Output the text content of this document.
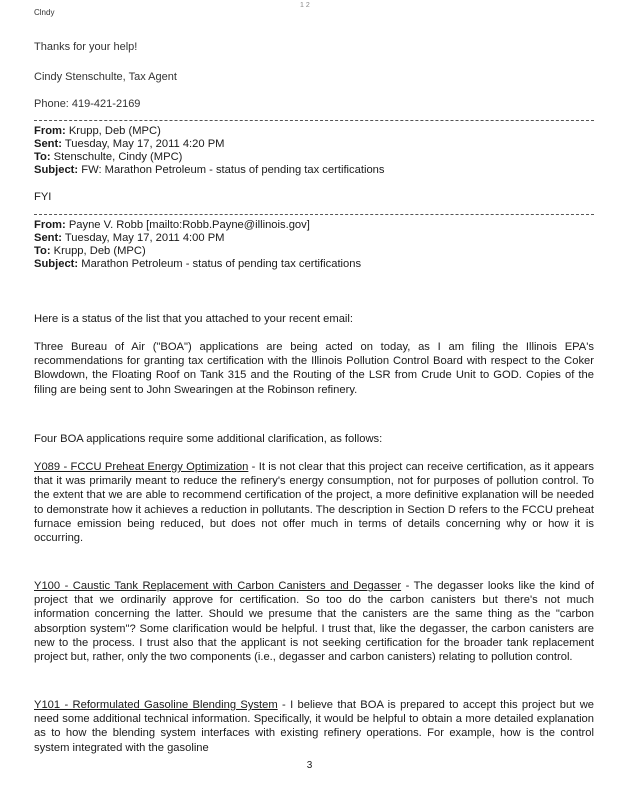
1 2
Clndy
Thanks for your help!
Cindy Stenschulte, Tax Agent
Phone: 419-421-2169
From: Krupp, Deb (MPC)
Sent: Tuesday, May 17, 2011 4:20 PM
To: Stenschulte, Cindy (MPC)
Subject: FW: Marathon Petroleum - status of pending tax certifications
FYI
From: Payne V. Robb [mailto:Robb.Payne@illinois.gov]
Sent: Tuesday, May 17, 2011 4:00 PM
To: Krupp, Deb (MPC)
Subject: Marathon Petroleum - status of pending tax certifications
Here is a status of the list that you attached to your recent email:
Three Bureau of Air ("BOA") applications are being acted on today, as I am filing the Illinois EPA's recommendations for granting tax certification with the Illinois Pollution Control Board with respect to the Coker Blowdown, the Floating Roof on Tank 315 and the Routing of the LSR from Crude Unit to GOD. Copies of the filing are being sent to John Swearingen at the Robinson refinery.
Four BOA applications require some additional clarification, as follows:
Y089 - FCCU Preheat Energy Optimization - It is not clear that this project can receive certification, as it appears that it was primarily meant to reduce the refinery's energy consumption, not for purposes of pollution control. To the extent that we are able to recommend certification of the project, a more definitive explanation will be needed to demonstrate how it achieves a reduction in pollutants. The description in Section D refers to the FCCU preheat furnace emission being reduced, but does not offer much in terms of details concerning why or how it is occurring.
Y100 - Caustic Tank Replacement with Carbon Canisters and Degasser - The degasser looks like the kind of project that we ordinarily approve for certification. So too do the carbon canisters but there's not much information concerning the latter. Should we presume that the canisters are the same thing as the "carbon absorption system"? Some clarification would be helpful. I trust that, like the degasser, the carbon canisters are new to the process. I trust also that the applicant is not seeking certification for the broader tank replacement project but, rather, only the two components (i.e., degasser and carbon canisters) relating to pollution control.
Y101 - Reformulated Gasoline Blending System - I believe that BOA is prepared to accept this project but we need some additional technical information. Specifically, it would be helpful to obtain a more detailed explanation as to how the blending system interfaces with existing refinery operations. For example, how is the control system integrated with the gasoline
3
